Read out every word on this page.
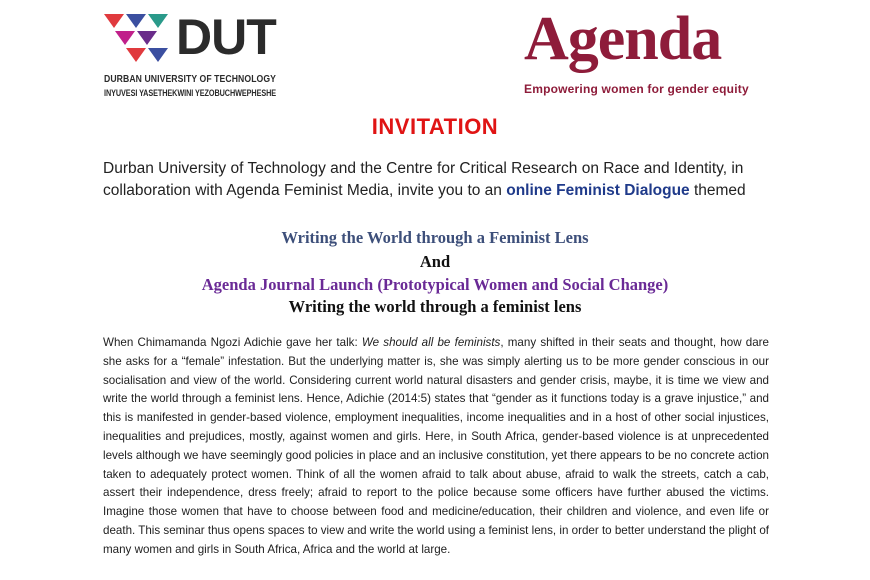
DUT
DURBAN UNIVERSITY OF TECHNOLOGY
INYUVESI YASETHEKWINI YEZOBUCHWEPHESHE
Agenda
Empowering women for gender equity
INVITATION
Durban University of Technology and the Centre for Critical Research on Race and Identity, in collaboration with Agenda Feminist Media, invite you to an online Feminist Dialogue themed
Writing the World through a Feminist Lens
And
Agenda Journal Launch (Prototypical Women and Social Change)
Writing the world through a feminist lens
When Chimamanda Ngozi Adichie gave her talk: We should all be feminists, many shifted in their seats and thought, how dare she asks for a “female” infestation. But the underlying matter is, she was simply alerting us to be more gender conscious in our socialisation and view of the world. Considering current world natural disasters and gender crisis, maybe, it is time we view and write the world through a feminist lens. Hence, Adichie (2014:5) states that “gender as it functions today is a grave injustice,” and this is manifested in gender-based violence, employment inequalities, income inequalities and in a host of other social injustices, inequalities and prejudices, mostly, against women and girls. Here, in South Africa, gender-based violence is at unprecedented levels although we have seemingly good policies in place and an inclusive constitution, yet there appears to be no concrete action taken to adequately protect women. Think of all the women afraid to talk about abuse, afraid to walk the streets, catch a cab, assert their independence, dress freely; afraid to report to the police because some officers have further abused the victims. Imagine those women that have to choose between food and medicine/education, their children and violence, and even life or death. This seminar thus opens spaces to view and write the world using a feminist lens, in order to better understand the plight of many women and girls in South Africa, Africa and the world at large.
